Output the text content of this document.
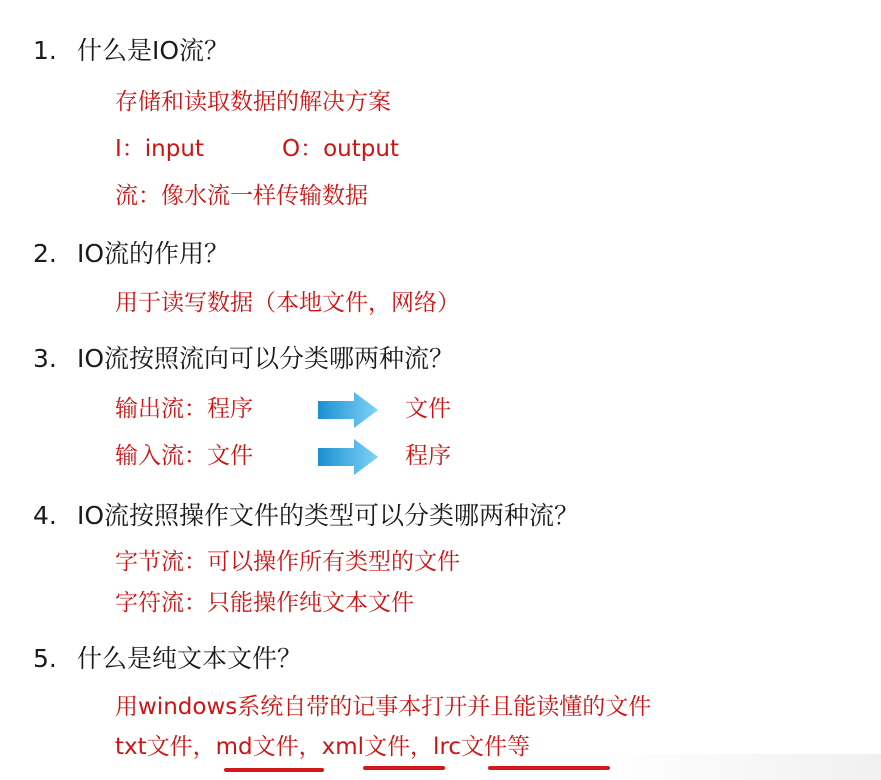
1. 什么是IO流？
存储和读取数据的解决方案
I：input	O：output
流：像水流一样传输数据
2. IO流的作用？
用于读写数据（本地文件，网络）
3. IO流按照流向可以分类哪两种流？
输出流：程序	文件
输入流：文件	程序
4. IO流按照操作文件的类型可以分类哪两种流？
字节流：可以操作所有类型的文件
字符流：只能操作纯文本文件
5. 什么是纯文本文件？
用windows系统自带的记事本打开并且能读懂的文件
txt文件，md文件，xml文件，lrc文件等
